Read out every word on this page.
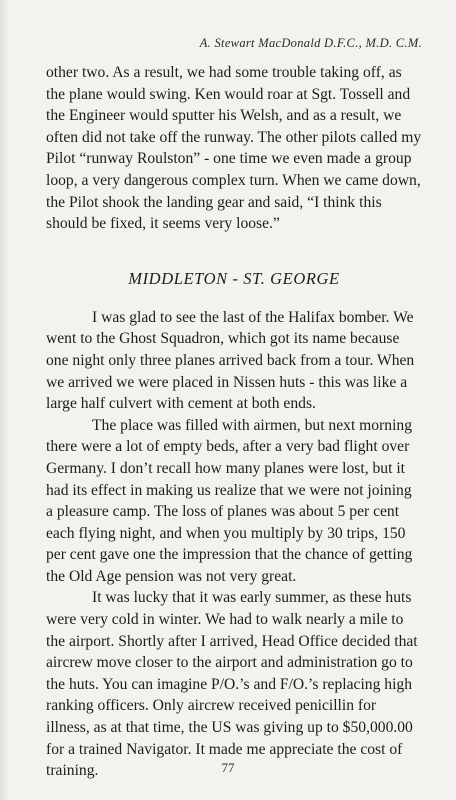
A. Stewart MacDonald D.F.C., M.D. C.M.

other two. As a result, we had some trouble taking off, as the plane would swing. Ken would roar at Sgt. Tossell and the Engineer would sputter his Welsh, and as a result, we often did not take off the runway. The other pilots called my Pilot “runway Roulston” - one time we even made a group loop, a very dangerous complex turn. When we came down, the Pilot shook the landing gear and said, “I think this should be fixed, it seems very loose.”

MIDDLETON - ST. GEORGE

I was glad to see the last of the Halifax bomber. We went to the Ghost Squadron, which got its name because one night only three planes arrived back from a tour. When we arrived we were placed in Nissen huts - this was like a large half culvert with cement at both ends.

The place was filled with airmen, but next morning there were a lot of empty beds, after a very bad flight over Germany. I don’t recall how many planes were lost, but it had its effect in making us realize that we were not joining a pleasure camp. The loss of planes was about 5 per cent each flying night, and when you multiply by 30 trips, 150 per cent gave one the impression that the chance of getting the Old Age pension was not very great.

It was lucky that it was early summer, as these huts were very cold in winter. We had to walk nearly a mile to the airport. Shortly after I arrived, Head Office decided that aircrew move closer to the airport and administration go to the huts. You can imagine P/O.’s and F/O.’s replacing high ranking officers. Only aircrew received penicillin for illness, as at that time, the US was giving up to $50,000.00 for a trained Navigator. It made me appreciate the cost of training.	77
